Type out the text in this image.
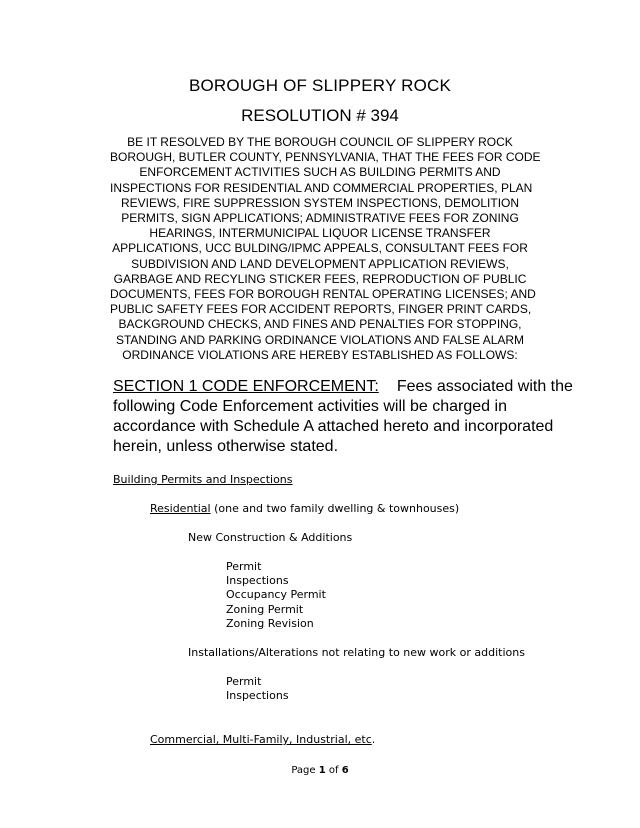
BOROUGH OF SLIPPERY ROCK
RESOLUTION # 394

BE IT RESOLVED BY THE BOROUGH COUNCIL OF SLIPPERY ROCK
BOROUGH, BUTLER COUNTY, PENNSYLVANIA, THAT THE FEES FOR CODE
ENFORCEMENT ACTIVITIES SUCH AS BUILDING PERMITS AND
INSPECTIONS FOR RESIDENTIAL AND COMMERCIAL PROPERTIES, PLAN
REVIEWS, FIRE SUPPRESSION SYSTEM INSPECTIONS, DEMOLITION
PERMITS, SIGN APPLICATIONS; ADMINISTRATIVE FEES FOR ZONING
HEARINGS, INTERMUNICIPAL LIQUOR LICENSE TRANSFER
APPLICATIONS, UCC BULDING/IPMC APPEALS, CONSULTANT FEES FOR
SUBDIVISION AND LAND DEVELOPMENT APPLICATION REVIEWS,
GARBAGE AND RECYLING STICKER FEES, REPRODUCTION OF PUBLIC
DOCUMENTS, FEES FOR BOROUGH RENTAL OPERATING LICENSES; AND
PUBLIC SAFETY FEES FOR ACCIDENT REPORTS, FINGER PRINT CARDS,
BACKGROUND CHECKS, AND FINES AND PENALTIES FOR STOPPING,
STANDING AND PARKING ORDINANCE VIOLATIONS AND FALSE ALARM
ORDINANCE VIOLATIONS ARE HEREBY ESTABLISHED AS FOLLOWS:

SECTION 1 CODE ENFORCEMENT: Fees associated with the
following Code Enforcement activities will be charged in
accordance with Schedule A attached hereto and incorporated
herein, unless otherwise stated.

Building Permits and Inspections
Residential (one and two family dwelling & townhouses)
New Construction & Additions
Permit
Inspections
Occupancy Permit
Zoning Permit
Zoning Revision
Installations/Alterations not relating to new work or additions
Permit
Inspections
Commercial, Multi-Family, Industrial, etc.
Page 1 of 6
